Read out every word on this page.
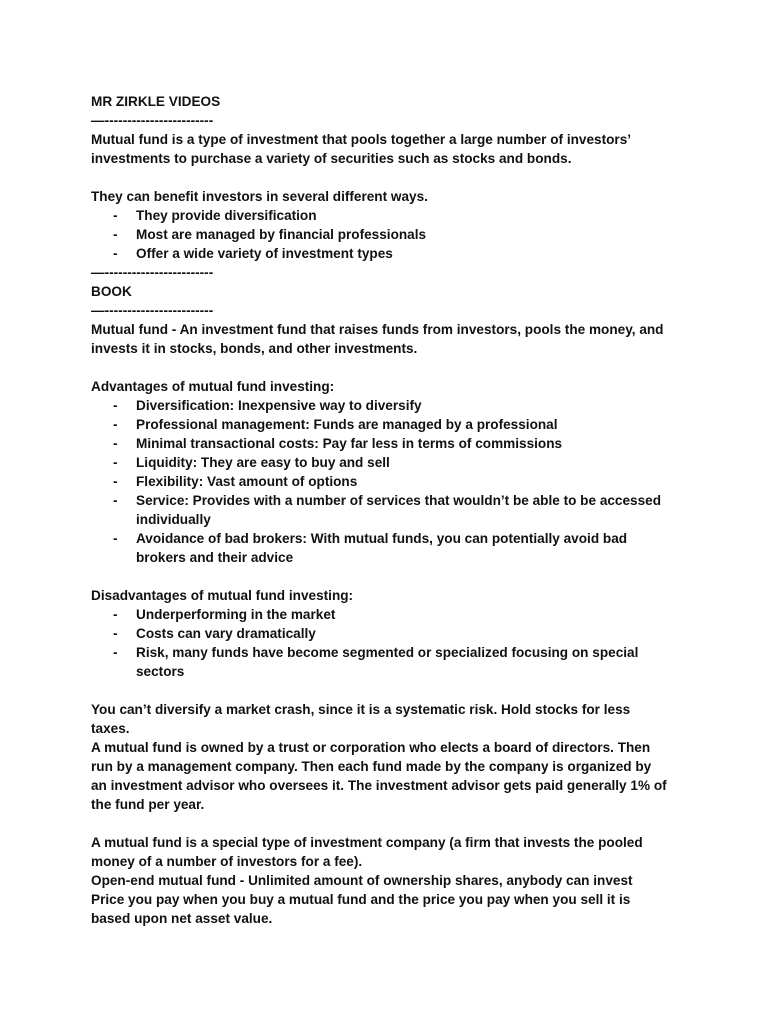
MR ZIRKLE VIDEOS

—------------------------

Mutual fund is a type of investment that pools together a large number of investors’
investments to purchase a variety of securities such as stocks and bonds.

They can benefit investors in several different ways.

- They provide diversification

- Most are managed by financial professionals

- Offer a wide variety of investment types

—------------------------

BOOK

—------------------------

Mutual fund - An investment fund that raises funds from investors, pools the money, and
invests it in stocks, bonds, and other investments.

Advantages of mutual fund investing:

- Diversification: Inexpensive way to diversify

- Professional management: Funds are managed by a professional

- Minimal transactional costs: Pay far less in terms of commissions

- Liquidity: They are easy to buy and sell

- Flexibility: Vast amount of options

- Service: Provides with a number of services that wouldn’t be able to be accessed
individually

- Avoidance of bad brokers: With mutual funds, you can potentially avoid bad
brokers and their advice

Disadvantages of mutual fund investing:

- Underperforming in the market

- Costs can vary dramatically

- Risk, many funds have become segmented or specialized focusing on special
sectors

You can’t diversify a market crash, since it is a systematic risk. Hold stocks for less
taxes.

A mutual fund is owned by a trust or corporation who elects a board of directors. Then
run by a management company. Then each fund made by the company is organized by
an investment advisor who oversees it. The investment advisor gets paid generally 1% of
the fund per year.

A mutual fund is a special type of investment company (a firm that invests the pooled
money of a number of investors for a fee).

Open-end mutual fund - Unlimited amount of ownership shares, anybody can invest

Price you pay when you buy a mutual fund and the price you pay when you sell it is
based upon net asset value.
